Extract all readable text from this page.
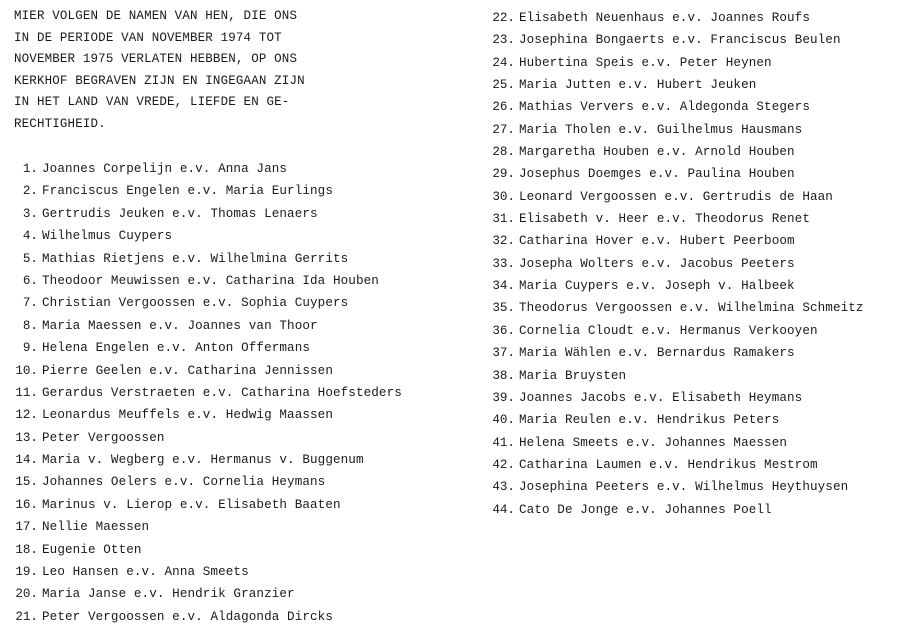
MIER VOLGEN DE NAMEN VAN HEN, DIE ONS
IN DE PERIODE VAN NOVEMBER 1974 TOT
NOVEMBER 1975 VERLATEN HEBBEN, OP ONS
KERKHOF BEGRAVEN ZIJN EN INGEGAAN ZIJN
IN HET LAND VAN VREDE, LIEFDE EN GE-
RECHTIGHEID.
1. Joannes Corpelijn e.v. Anna Jans
2. Franciscus Engelen e.v. Maria Eurlings
3. Gertrudis Jeuken e.v. Thomas Lenaers
4. Wilhelmus Cuypers
5. Mathias Rietjens e.v. Wilhelmina Gerrits
6. Theodoor Meuwissen e.v. Catharina Ida Houben
7. Christian Vergoossen e.v. Sophia Cuypers
8. Maria Maessen e.v. Joannes van Thoor
9. Helena Engelen e.v. Anton Offermans
10. Pierre Geelen e.v. Catharina Jennissen
11. Gerardus Verstraeten e.v. Catharina Hoefsteders
12. Leonardus Meuffels e.v. Hedwig Maassen
13. Peter Vergoossen
14. Maria v. Wegberg e.v. Hermanus v. Buggenum
15. Johannes Oelers e.v. Cornelia Heymans
16. Marinus v. Lierop e.v. Elisabeth Baaten
17. Nellie Maessen
18. Eugenie Otten
19. Leo Hansen e.v. Anna Smeets
20. Maria Janse e.v. Hendrik Granzier
21. Peter Vergoossen e.v. Aldagonda Dircks
22. Elisabeth Neuenhaus e.v. Joannes Roufs
23. Josephina Bongaerts e.v. Franciscus Beulen
24. Hubertina Speis e.v. Peter Heynen
25. Maria Jutten e.v. Hubert Jeuken
26. Mathias Ververs e.v. Aldegonda Stegers
27. Maria Tholen e.v. Guilhelmus Hausmans
28. Margaretha Houben e.v. Arnold Houben
29. Josephus Doemges e.v. Paulina Houben
30. Leonard Vergoossen e.v. Gertrudis de Haan
31. Elisabeth v. Heer e.v. Theodorus Renet
32. Catharina Hover e.v. Hubert Peerboom
33. Josepha Wolters e.v. Jacobus Peeters
34. Maria Cuypers e.v. Joseph v. Halbeek
35. Theodorus Vergoossen e.v. Wilhelmina Schmeitz
36. Cornelia Cloudt e.v. Hermanus Verkooyen
37. Maria Wählen e.v. Bernardus Ramakers
38. Maria Bruysten
39. Joannes Jacobs e.v. Elisabeth Heymans
40. Maria Reulen e.v. Hendrikus Peters
41. Helena Smeets e.v. Johannes Maessen
42. Catharina Laumen e.v. Hendrikus Mestrom
43. Josephina Peeters e.v. Wilhelmus Heythuysen
44. Cato De Jonge e.v. Johannes Poell
